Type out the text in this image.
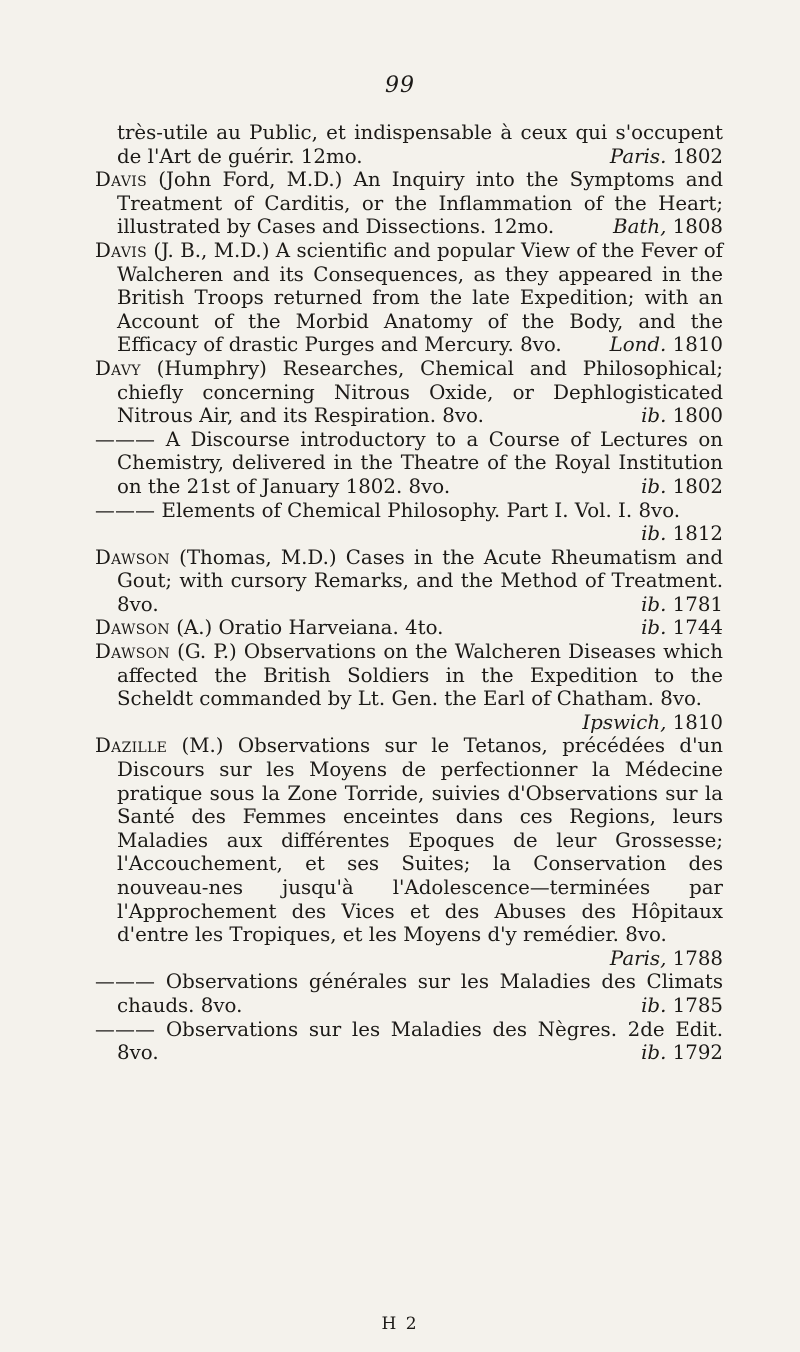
99

très-utile au Public, et indispensable à ceux qui s'occupent de l'Art de guérir. 12mo.	Paris. 1802

Davis (John Ford, M.D.) An Inquiry into the Symptoms and Treatment of Carditis, or the Inflammation of the Heart; illustrated by Cases and Dissections. 12mo.	Bath, 1808

Davis (J. B., M.D.) A scientific and popular View of the Fever of Walcheren and its Consequences, as they appeared in the British Troops returned from the late Expedition; with an Account of the Morbid Anatomy of the Body, and the Efficacy of drastic Purges and Mercury. 8vo. Lond. 1810

Davy (Humphry) Researches, Chemical and Philosophical; chiefly concerning Nitrous Oxide, or Dephlogisticated Nitrous Air, and its Respiration. 8vo.	ib. 1800

——— A Discourse introductory to a Course of Lectures on Chemistry, delivered in the Theatre of the Royal Institution on the 21st of January 1802. 8vo.	ib. 1802

——— Elements of Chemical Philosophy. Part I. Vol. I. 8vo.
ib. 1812

Dawson (Thomas, M.D.) Cases in the Acute Rheumatism and Gout; with cursory Remarks, and the Method of Treatment. 8vo.	ib. 1781

Dawson (A.) Oratio Harveiana. 4to.	ib. 1744

Dawson (G. P.) Observations on the Walcheren Diseases which affected the British Soldiers in the Expedition to the Scheldt commanded by Lt. Gen. the Earl of Chatham. 8vo.
Ipswich, 1810

Dazille (M.) Observations sur le Tetanos, précédées d'un Discours sur les Moyens de perfectionner la Médecine pratique sous la Zone Torride, suivies d'Observations sur la Santé des Femmes enceintes dans ces Regions, leurs Maladies aux différentes Epoques de leur Grossesse; l'Accouchement, et ses Suites; la Conservation des nouveau-nes jusqu'à l'Adolescence—terminées par l'Approchement des Vices et des Abuses des Hôpitaux d'entre les Tropiques, et les Moyens d'y remédier. 8vo.
Paris, 1788

——— Observations générales sur les Maladies des Climats chauds. 8vo.	ib. 1785

——— Observations sur les Maladies des Nègres. 2de Edit. 8vo.	ib. 1792

H 2
